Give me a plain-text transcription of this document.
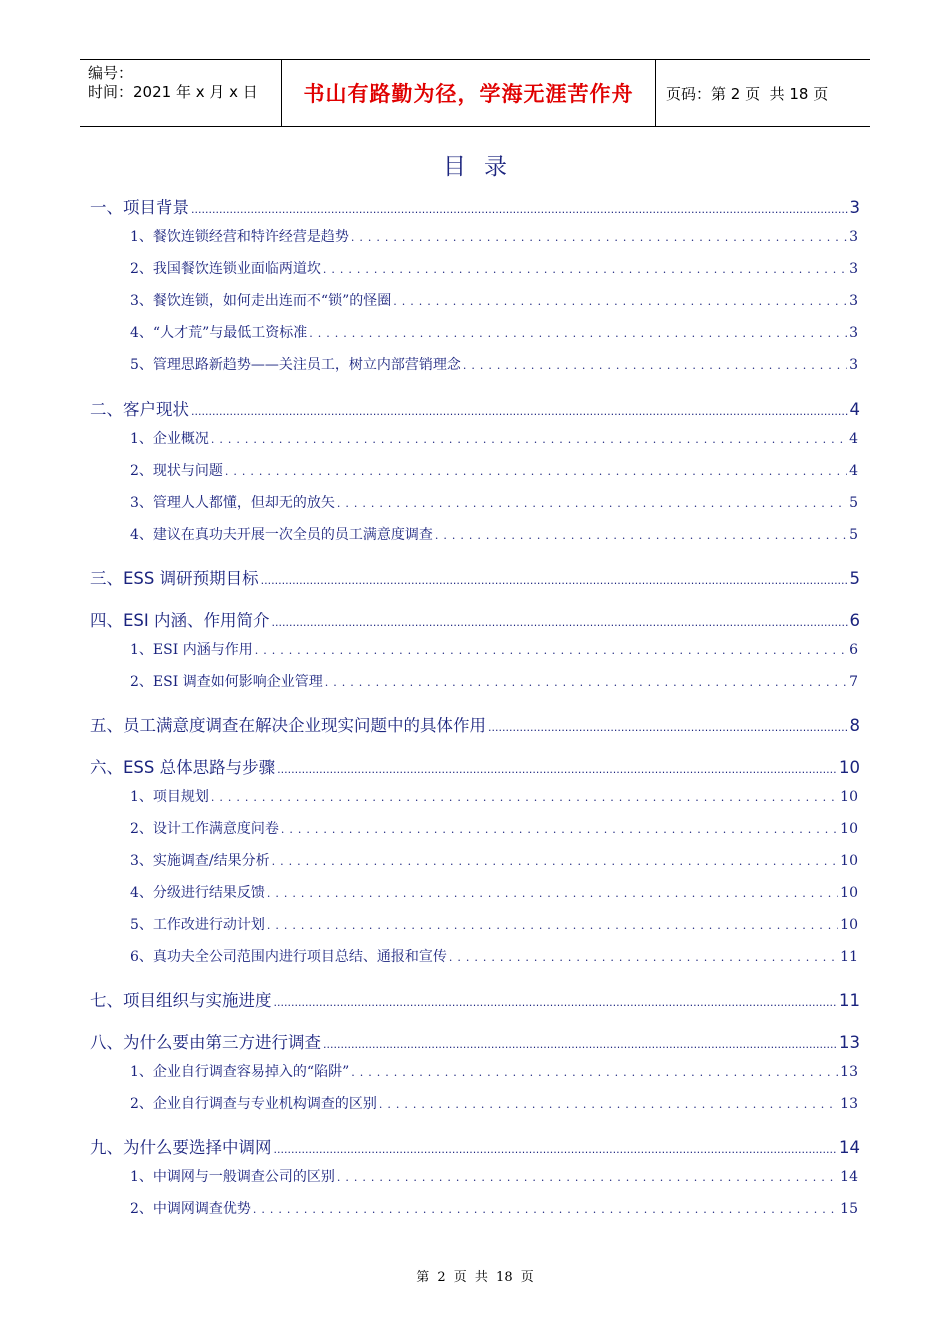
编号：
时间：2021 年 x 月 x 日	书山有路勤为径，学海无涯苦作舟	页码：第 2 页  共 18 页
目录
一、项目背景 .....	3
1、餐饮连锁经营和特许经营是趋势 .....	3
2、我国餐饮连锁业面临两道坎 .....	3
3、餐饮连锁，如何走出连而不“锁”的怪圈 .....	3
4、“人才荒”与最低工资标准 .....	3
5、管理思路新趋势——关注员工，树立内部营销理念 .....	3
二、客户现状 .....	4
1、企业概况 .....	4
2、现状与问题 .....	4
3、管理人人都懂，但却无的放矢 .....	5
4、建议在真功夫开展一次全员的员工满意度调查 .....	5
三、ESS 调研预期目标 .....	5
四、ESI 内涵、作用简介 .....	6
1、ESI 内涵与作用 .....	6
2、ESI 调查如何影响企业管理 .....	7
五、员工满意度调查在解决企业现实问题中的具体作用 .....	8
六、ESS 总体思路与步骤 .....	10
1、项目规划 .....	10
2、设计工作满意度问卷 .....	10
3、实施调查/结果分析 .....	10
4、分级进行结果反馈 .....	10
5、工作改进行动计划 .....	10
6、真功夫全公司范围内进行项目总结、通报和宣传 .....	11
七、项目组织与实施进度 .....	11
八、为什么要由第三方进行调查 .....	13
1、企业自行调查容易掉入的“陷阱” .....	13
2、企业自行调查与专业机构调查的区别 .....	13
九、为什么要选择中调网 .....	14
1、中调网与一般调查公司的区别 .....	14
2、中调网调查优势 .....	15
第 2 页 共 18 页
